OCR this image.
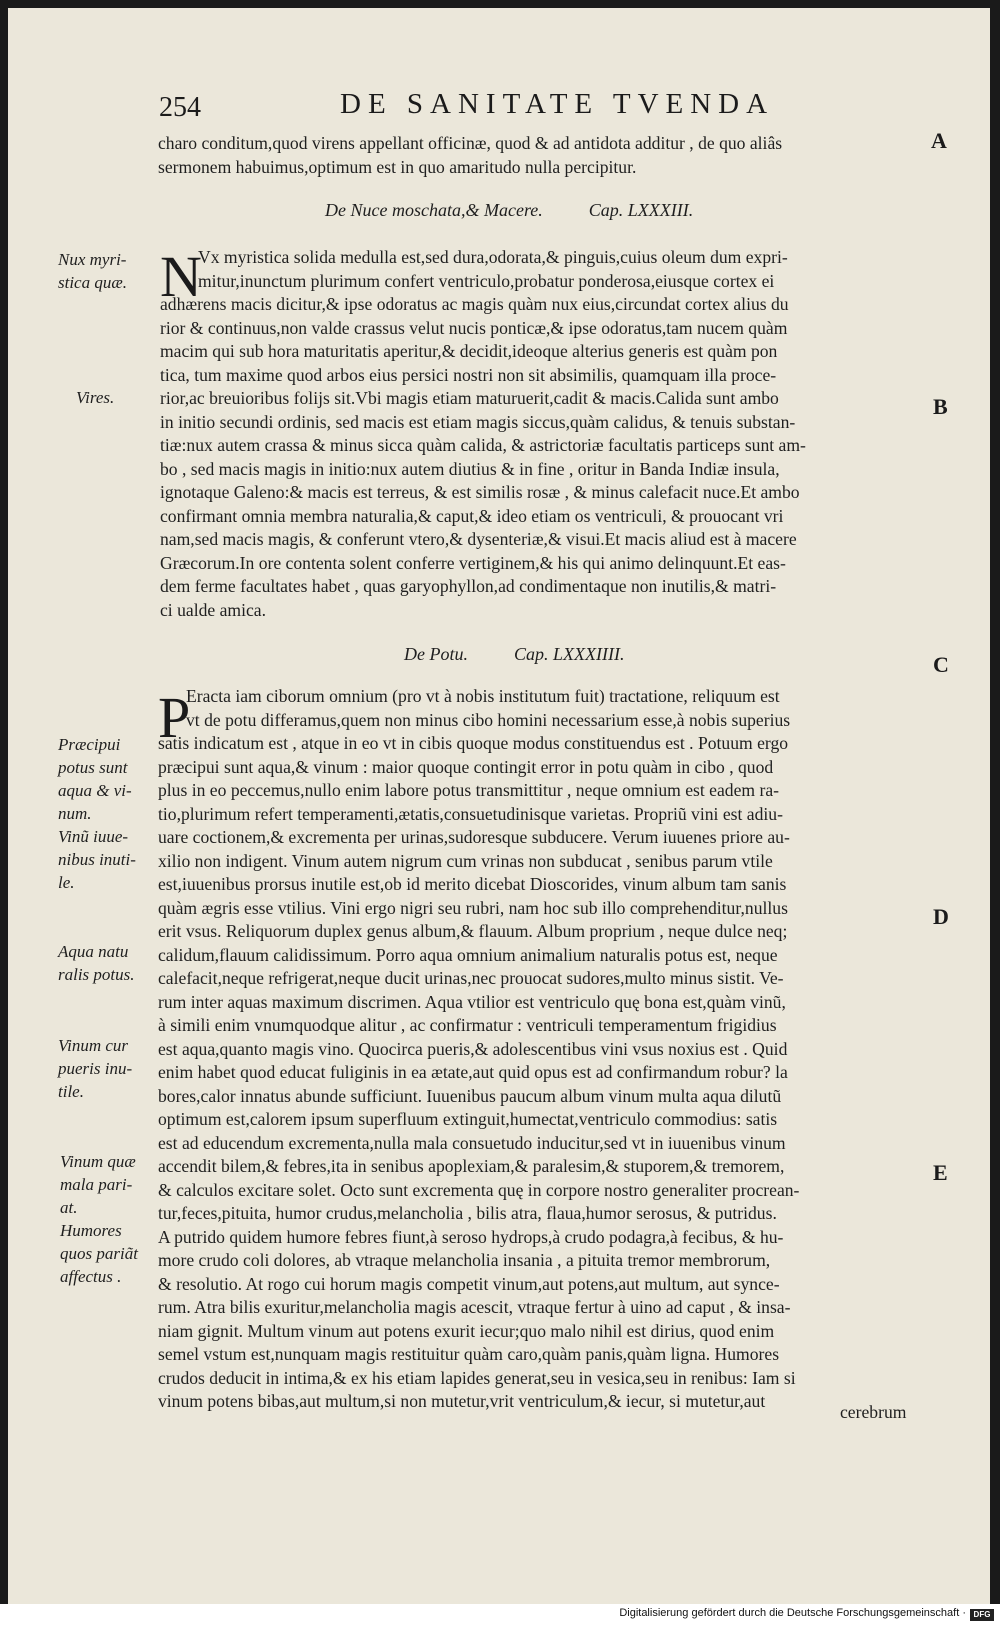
254	DE SANITATE TVENDA
A
B
C
D
E
charo conditum,quod virens appellant officinæ, quod & ad antidota additur , de quo aliâs
sermonem habuimus,optimum est in quo amaritudo nulla percipitur.
De Nuce moschata,& Macere.	Cap. LXXXIII.
N
Vx myristica solida medulla est,sed dura,odorata,& pinguis,cuius oleum dum expri-
mitur,inunctum plurimum confert ventriculo,probatur ponderosa,eiusque cortex ei
adhærens macis dicitur,& ipse odoratus ac magis quàm nux eius,circundat cortex alius du
rior & continuus,non valde crassus velut nucis ponticæ,& ipse odoratus,tam nucem quàm
macim qui sub hora maturitatis aperitur,& decidit,ideoque alterius generis est quàm pon
tica, tum maxime quod arbos eius persici nostri non sit absimilis, quamquam illa proce-
rior,ac breuioribus folijs sit.Vbi magis etiam maturuerit,cadit & macis.Calida sunt ambo
in initio secundi ordinis, sed macis est etiam magis siccus,quàm calidus, & tenuis substan-
tiæ:nux autem crassa & minus sicca quàm calida, & astrictoriæ facultatis particeps sunt am-
bo , sed macis magis in initio:nux autem diutius & in fine , oritur in Banda Indiæ insula,
ignotaque Galeno:& macis est terreus, & est similis rosæ , & minus calefacit nuce.Et ambo
confirmant omnia membra naturalia,& caput,& ideo etiam os ventriculi, & prouocant vri
nam,sed macis magis, & conferunt vtero,& dysenteriæ,& visui.Et macis aliud est à macere
Græcorum.In ore contenta solent conferre vertiginem,& his qui animo delinquunt.Et eas-
dem ferme facultates habet , quas garyophyllon,ad condimentaque non inutilis,& matri-
ci ualde amica.
De Potu.	Cap. LXXXIIII.
P
Eracta iam ciborum omnium (pro vt à nobis institutum fuit) tractatione, reliquum est
vt de potu differamus,quem non minus cibo homini necessarium esse,à nobis superius
satis indicatum est , atque in eo vt in cibis quoque modus constituendus est . Potuum ergo
præcipui sunt aqua,& vinum : maior quoque contingit error in potu quàm in cibo , quod
plus in eo peccemus,nullo enim labore potus transmittitur , neque omnium est eadem ra-
tio,plurimum refert temperamenti,ætatis,consuetudinisque varietas. Propriũ vini est adiu-
uare coctionem,& excrementa per urinas,sudoresque subducere. Verum iuuenes priore au-
xilio non indigent. Vinum autem nigrum cum vrinas non subducat , senibus parum vtile
est,iuuenibus prorsus inutile est,ob id merito dicebat Dioscorides, vinum album tam sanis
quàm ægris esse vtilius. Vini ergo nigri seu rubri, nam hoc sub illo comprehenditur,nullus
erit vsus. Reliquorum duplex genus album,& flauum. Album proprium , neque dulce neq;
calidum,flauum calidissimum. Porro aqua omnium animalium naturalis potus est, neque
calefacit,neque refrigerat,neque ducit urinas,nec prouocat sudores,multo minus sistit. Ve-
rum inter aquas maximum discrimen. Aqua vtilior est ventriculo quę bona est,quàm vinũ,
à simili enim vnumquodque alitur , ac confirmatur : ventriculi temperamentum frigidius
est aqua,quanto magis vino. Quocirca pueris,& adolescentibus vini vsus noxius est . Quid
enim habet quod educat fuliginis in ea ætate,aut quid opus est ad confirmandum robur? la
bores,calor innatus abunde sufficiunt. Iuuenibus paucum album vinum multa aqua dilutũ
optimum est,calorem ipsum superfluum extinguit,humectat,ventriculo commodius: satis
est ad educendum excrementa,nulla mala consuetudo inducitur,sed vt in iuuenibus vinum
accendit bilem,& febres,ita in senibus apoplexiam,& paralesim,& stuporem,& tremorem,
& calculos excitare solet. Octo sunt excrementa quę in corpore nostro generaliter procrean-
tur,feces,pituita, humor crudus,melancholia , bilis atra, flaua,humor serosus, & putridus.
A putrido quidem humore febres fiunt,à seroso hydrops,à crudo podagra,à fecibus, & hu-
more crudo coli dolores, ab vtraque melancholia insania , a pituita tremor membrorum,
& resolutio. At rogo cui horum magis competit vinum,aut potens,aut multum, aut synce-
rum. Atra bilis exuritur,melancholia magis acescit, vtraque fertur à uino ad caput , & insa-
niam gignit. Multum vinum aut potens exurit iecur;quo malo nihil est dirius, quod enim
semel vstum est,nunquam magis restituitur quàm caro,quàm panis,quàm ligna. Humores
crudos deducit in intima,& ex his etiam lapides generat,seu in vesica,seu in renibus: Iam si
vinum potens bibas,aut multum,si non mutetur,vrit ventriculum,& iecur, si mutetur,aut
cerebrum
Nux myri-
stica quæ.
Vires.
Præcipui
potus sunt
aqua & vi-
num.
Vinũ iuue-
nibus inuti-
le.
Aqua natu
ralis potus.
Vinum cur
pueris inu-
tile.
Vinum quæ
mala pari-
at.
Humores
quos pariãt
affectus .
Digitalisierung gefördert durch die Deutsche Forschungsgemeinschaft · DFG
